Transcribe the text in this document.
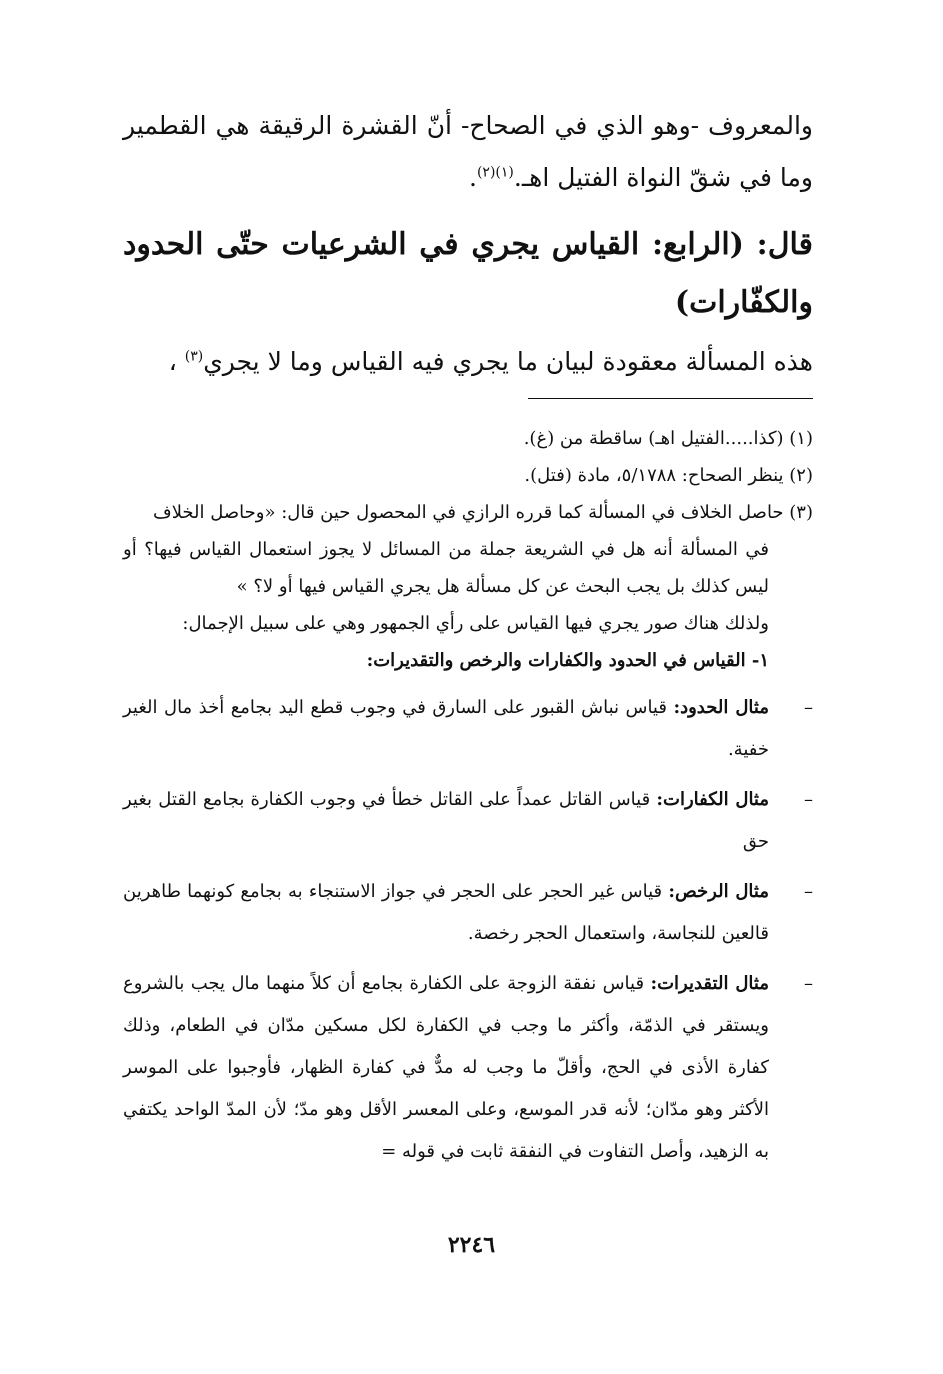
والمعروف -وهو الذي في الصحاح- أنّ القشرة الرقيقة هي القطمير وما في شقّ النواة الفتيل اهـ.$^{(١)(٢)}$.

قال: (الرابع: القياس يجري في الشرعيات حتّى الحدود والكفّارات)

هذه المسألة معقودة لبيان ما يجري فيه القياس وما لا يجري$^{(٣)}$ ،

(١) (كذا.....الفتيل اهـ) ساقطة من (غ).
(٢) ينظر الصحاح: ٥/١٧٨٨، مادة (فتل).
(٣) حاصل الخلاف في المسألة كما قرره الرازي في المحصول حين قال: «وحاصل الخلاف
في المسألة أنه هل في الشريعة جملة من المسائل لا يجوز استعمال القياس فيها؟ أو ليس كذلك بل يجب البحث عن كل مسألة هل يجري القياس فيها أو لا؟ »
ولذلك هناك صور يجري فيها القياس على رأي الجمهور وهي على سبيل الإجمال:
١- القياس في الحدود والكفارات والرخص والتقديرات:
–
مثال الحدود: قياس نباش القبور على السارق في وجوب قطع اليد بجامع أخذ مال الغير خفية.
–
مثال الكفارات: قياس القاتل عمداً على القاتل خطأ في وجوب الكفارة بجامع القتل بغير حق
–
مثال الرخص: قياس غير الحجر على الحجر في جواز الاستنجاء به بجامع كونهما طاهرين قالعين للنجاسة، واستعمال الحجر رخصة.
–
مثال التقديرات: قياس نفقة الزوجة على الكفارة بجامع أن كلاً منهما مال يجب بالشروع ويستقر في الذمّة، وأكثر ما وجب في الكفارة لكل مسكين مدّان في الطعام، وذلك كفارة الأذى في الحج، وأقلّ ما وجب له مدٌّ في كفارة الظهار، فأوجبوا على الموسر الأكثر وهو مدّان؛ لأنه قدر الموسع، وعلى المعسر الأقل وهو مدّ؛ لأن المدّ الواحد يكتفي به الزهيد، وأصل التفاوت في النفقة ثابت في قوله =
٢٢٤٦
